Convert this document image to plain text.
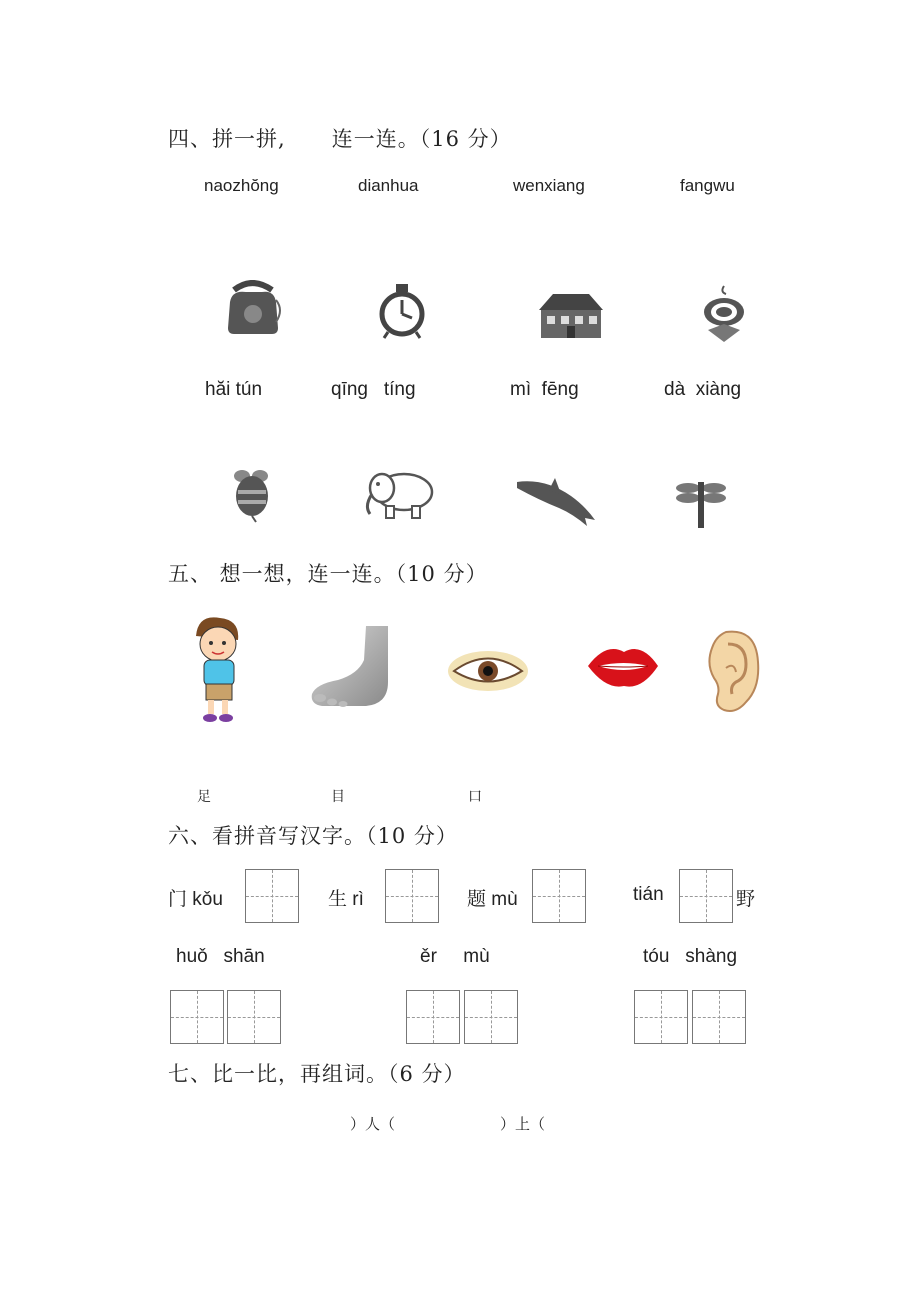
四、拼一拼,      连一连。（16 分）
naozhŏng	dianhua	wenxiang	fangwu
hăi tún	qīng   tíng	mì  fēng	dà  xiàng
五、 想一想，连一连。（10 分）
足	目	口
六、看拼音写汉字。（10 分）
门 kǒu	生 rì	题 mù	tián	野
huǒ   shān	ěr     mù	tóu   shàng
七、比一比，再组词。（6 分）
）人（	）上（
